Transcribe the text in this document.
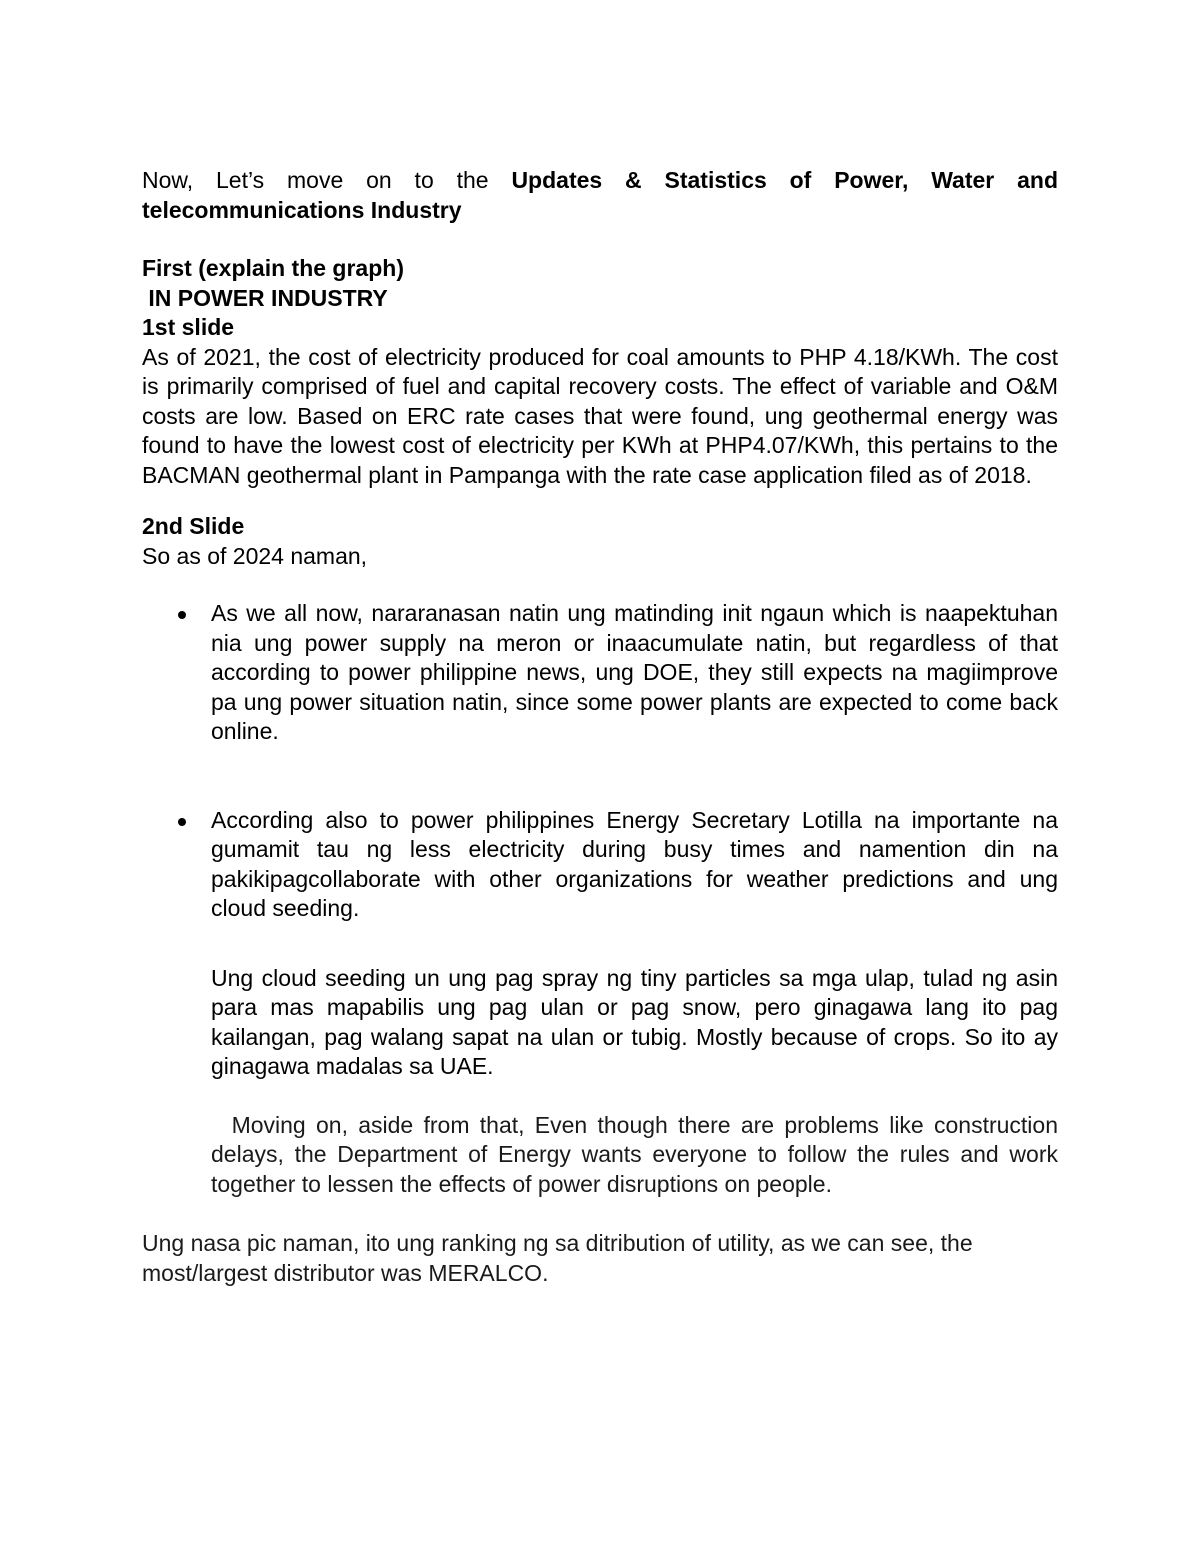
Now, Let’s move on to the Updates & Statistics of Power, Water and telecommunications Industry

First (explain the graph)

IN POWER INDUSTRY

1st slide

As of 2021, the cost of electricity produced for coal amounts to PHP 4.18/KWh. The cost is primarily comprised of fuel and capital recovery costs. The effect of variable and O&M costs are low. Based on ERC rate cases that were found, ung geothermal energy was found to have the lowest cost of electricity per KWh at PHP4.07/KWh, this pertains to the BACMAN geothermal plant in Pampanga with the rate case application filed as of 2018.

2nd Slide

So as of 2024 naman,

As we all now, nararanasan natin ung matinding init ngaun which is naapektuhan nia ung power supply na meron or inaacumulate natin, but regardless of that according to power philippine news, ung DOE, they still expects na magiimprove pa ung power situation natin, since some power plants are expected to come back online.
According also to power philippines Energy Secretary Lotilla na importante na gumamit tau ng less electricity during busy times and namention din na pakikipagcollaborate with other organizations for weather predictions and ung cloud seeding.

Ung cloud seeding un ung pag spray ng tiny particles sa mga ulap, tulad ng asin para mas mapabilis ung pag ulan or pag snow, pero ginagawa lang ito pag kailangan, pag walang sapat na ulan or tubig. Mostly because of crops. So ito ay ginagawa madalas sa UAE.

Moving on, aside from that, Even though there are problems like construction delays, the Department of Energy wants everyone to follow the rules and work together to lessen the effects of power disruptions on people.

Ung nasa pic naman, ito ung ranking ng sa ditribution of utility, as we can see, the most/largest distributor was MERALCO.
